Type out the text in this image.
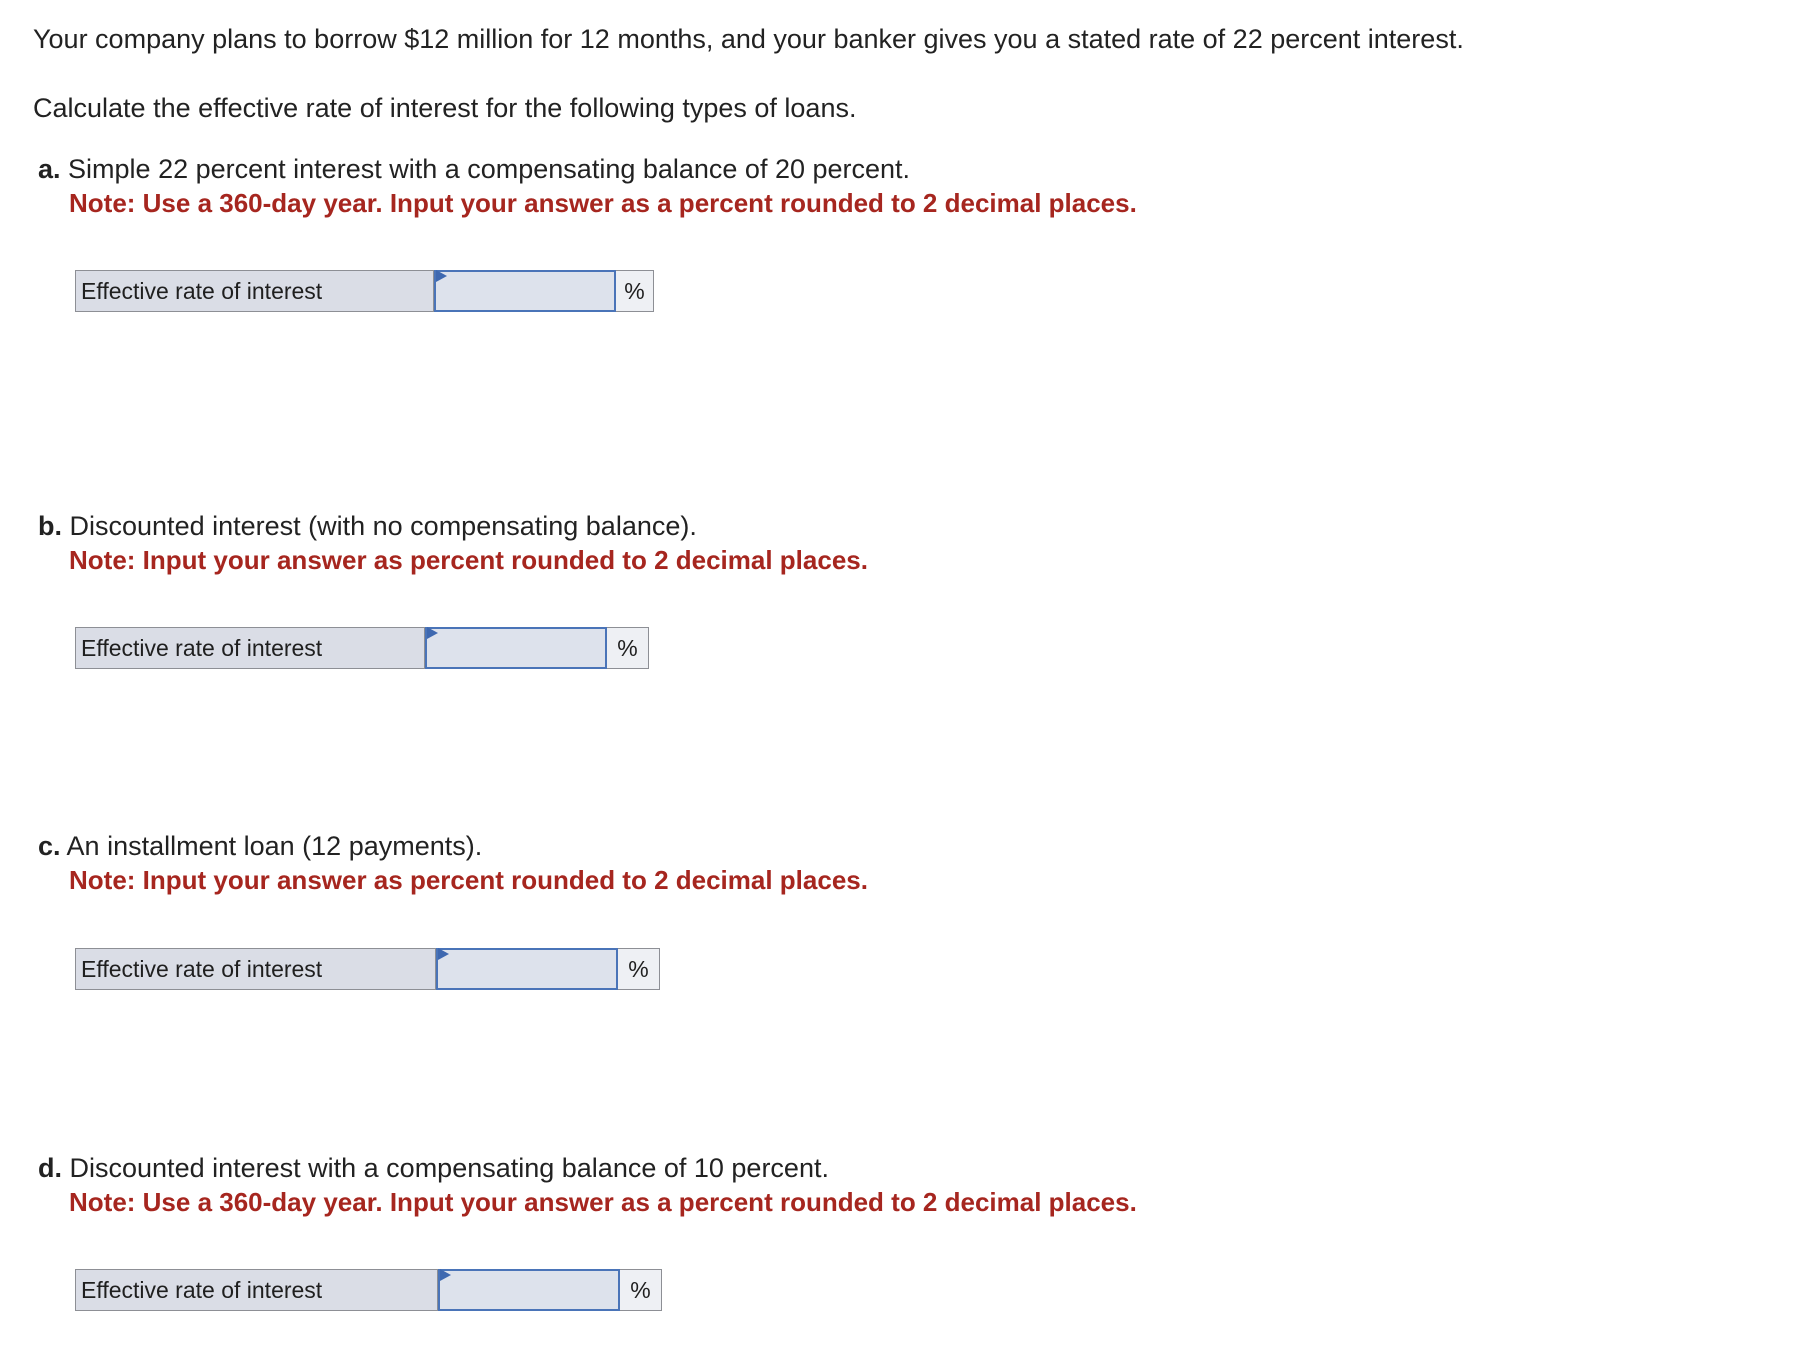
Your company plans to borrow $12 million for 12 months, and your banker gives you a stated rate of 22 percent interest.

Calculate the effective rate of interest for the following types of loans.

a. Simple 22 percent interest with a compensating balance of 20 percent.

Note: Use a 360-day year. Input your answer as a percent rounded to 2 decimal places.

Effective rate of interest	%

b. Discounted interest (with no compensating balance).

Note: Input your answer as percent rounded to 2 decimal places.

Effective rate of interest	%

c. An installment loan (12 payments).

Note: Input your answer as percent rounded to 2 decimal places.

Effective rate of interest	%

d. Discounted interest with a compensating balance of 10 percent.

Note: Use a 360-day year. Input your answer as a percent rounded to 2 decimal places.

Effective rate of interest	%
